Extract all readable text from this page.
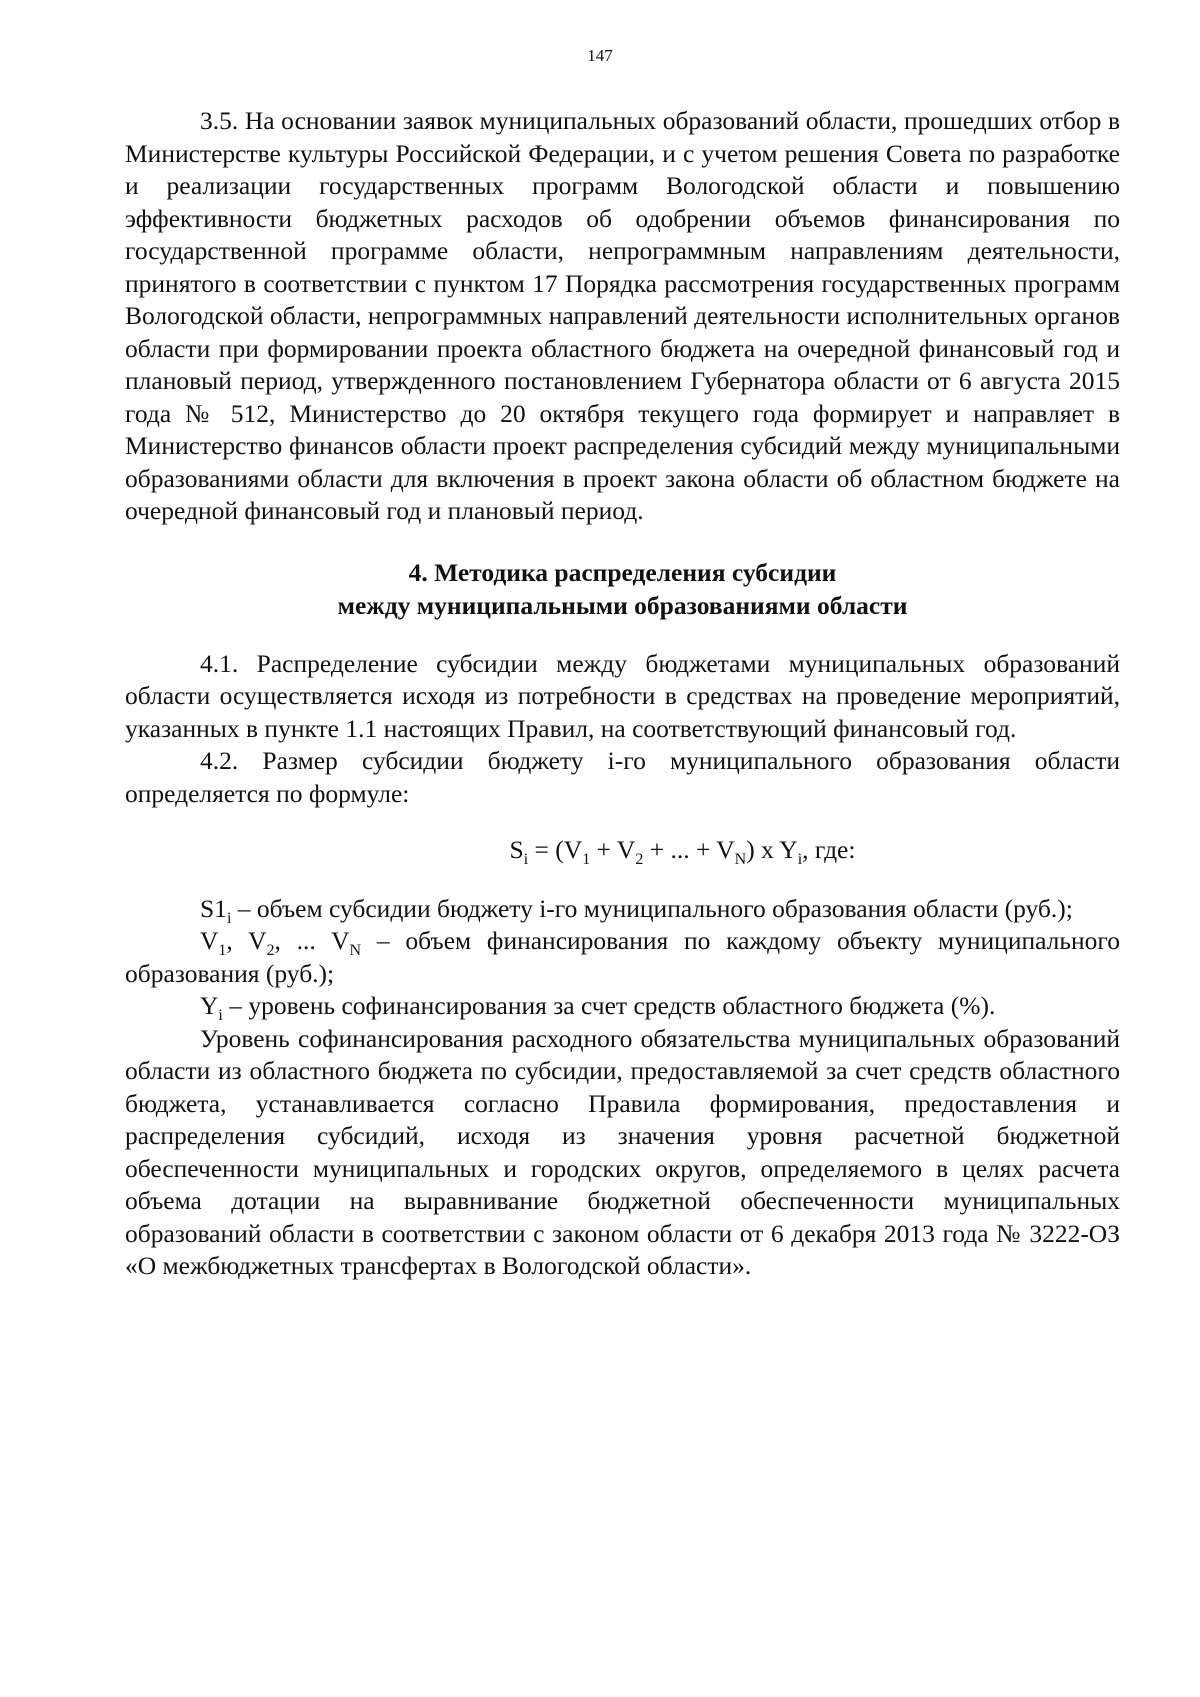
147

3.5. На основании заявок муниципальных образований области, прошедших отбор в Министерстве культуры Российской Федерации, и с учетом решения Совета по разработке и реализации государственных программ Вологодской области и повышению эффективности бюджетных расходов об одобрении объемов финансирования по государственной программе области, непрограммным направлениям деятельности, принятого в соответствии с пунктом 17 Порядка рассмотрения государственных программ Вологодской области, непрограммных направлений деятельности исполнительных органов области при формировании проекта областного бюджета на очередной финансовый год и плановый период, утвержденного постановлением Губернатора области от 6 августа 2015 года № 512, Министерство до 20 октября текущего года формирует и направляет в Министерство финансов области проект распределения субсидий между муниципальными образованиями области для включения в проект закона области об областном бюджете на очередной финансовый год и плановый период.

4. Методика распределения субсидии
между муниципальными образованиями области

4.1. Распределение субсидии между бюджетами муниципальных образований области осуществляется исходя из потребности в средствах на проведение мероприятий, указанных в пункте 1.1 настоящих Правил, на соответствующий финансовый год.

4.2. Размер субсидии бюджету i-го муниципального образования области определяется по формуле:

$S_i = (V_1 + V_2$ + ... + $V_N$) x $Y_i$, где:

$S1_i$ – объем субсидии бюджету i-го муниципального образования области (руб.);

$V_1$, $V_2$, ... $V_N$ – объем финансирования по каждому объекту муниципального образования (руб.);

$Y_i$ – уровень софинансирования за счет средств областного бюджета (%).

Уровень софинансирования расходного обязательства муниципальных образований области из областного бюджета по субсидии, предоставляемой за счет средств областного бюджета, устанавливается согласно Правила формирования, предоставления и распределения субсидий, исходя из значения уровня расчетной бюджетной обеспеченности муниципальных и городских округов, определяемого в целях расчета объема дотации на выравнивание бюджетной обеспеченности муниципальных образований области в соответствии с законом области от 6 декабря 2013 года № 3222-ОЗ «О межбюджетных трансфертах в Вологодской области».
